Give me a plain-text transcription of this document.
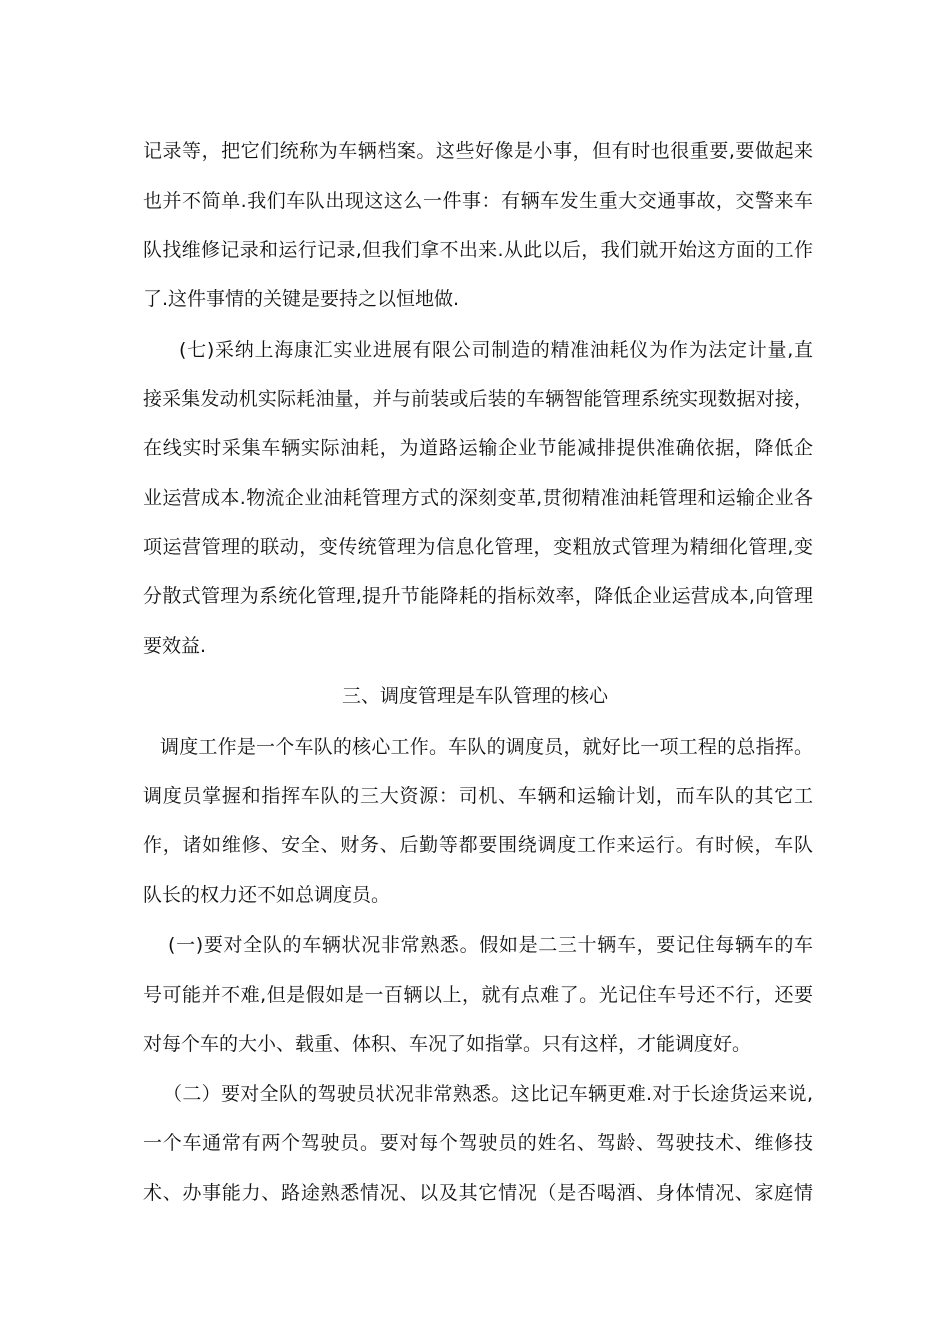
记录等，把它们统称为车辆档案。这些好像是小事，但有时也很重要,要做起来
也并不简单.我们车队出现这这么一件事：有辆车发生重大交通事故，交警来车
队找维修记录和运行记录,但我们拿不出来.从此以后，我们就开始这方面的工作
了.这件事情的关键是要持之以恒地做.
(七)采纳上海康汇实业进展有限公司制造的精准油耗仪为作为法定计量,直
接采集发动机实际耗油量，并与前装或后装的车辆智能管理系统实现数据对接，
在线实时采集车辆实际油耗，为道路运输企业节能减排提供准确依据，降低企
业运营成本.物流企业油耗管理方式的深刻变革,贯彻精准油耗管理和运输企业各
项运营管理的联动，变传统管理为信息化管理，变粗放式管理为精细化管理,变
分散式管理为系统化管理,提升节能降耗的指标效率，降低企业运营成本,向管理
要效益.
三、调度管理是车队管理的核心
调度工作是一个车队的核心工作。车队的调度员，就好比一项工程的总指挥。
调度员掌握和指挥车队的三大资源：司机、车辆和运输计划，而车队的其它工
作，诸如维修、安全、财务、后勤等都要围绕调度工作来运行。有时候，车队
队长的权力还不如总调度员。
(一)要对全队的车辆状况非常熟悉。假如是二三十辆车，要记住每辆车的车
号可能并不难,但是假如是一百辆以上，就有点难了。光记住车号还不行，还要
对每个车的大小、载重、体积、车况了如指掌。只有这样，才能调度好。
（二）要对全队的驾驶员状况非常熟悉。这比记车辆更难.对于长途货运来说,
一个车通常有两个驾驶员。要对每个驾驶员的姓名、驾龄、驾驶技术、维修技
术、办事能力、路途熟悉情况、以及其它情况（是否喝酒、身体情况、家庭情
